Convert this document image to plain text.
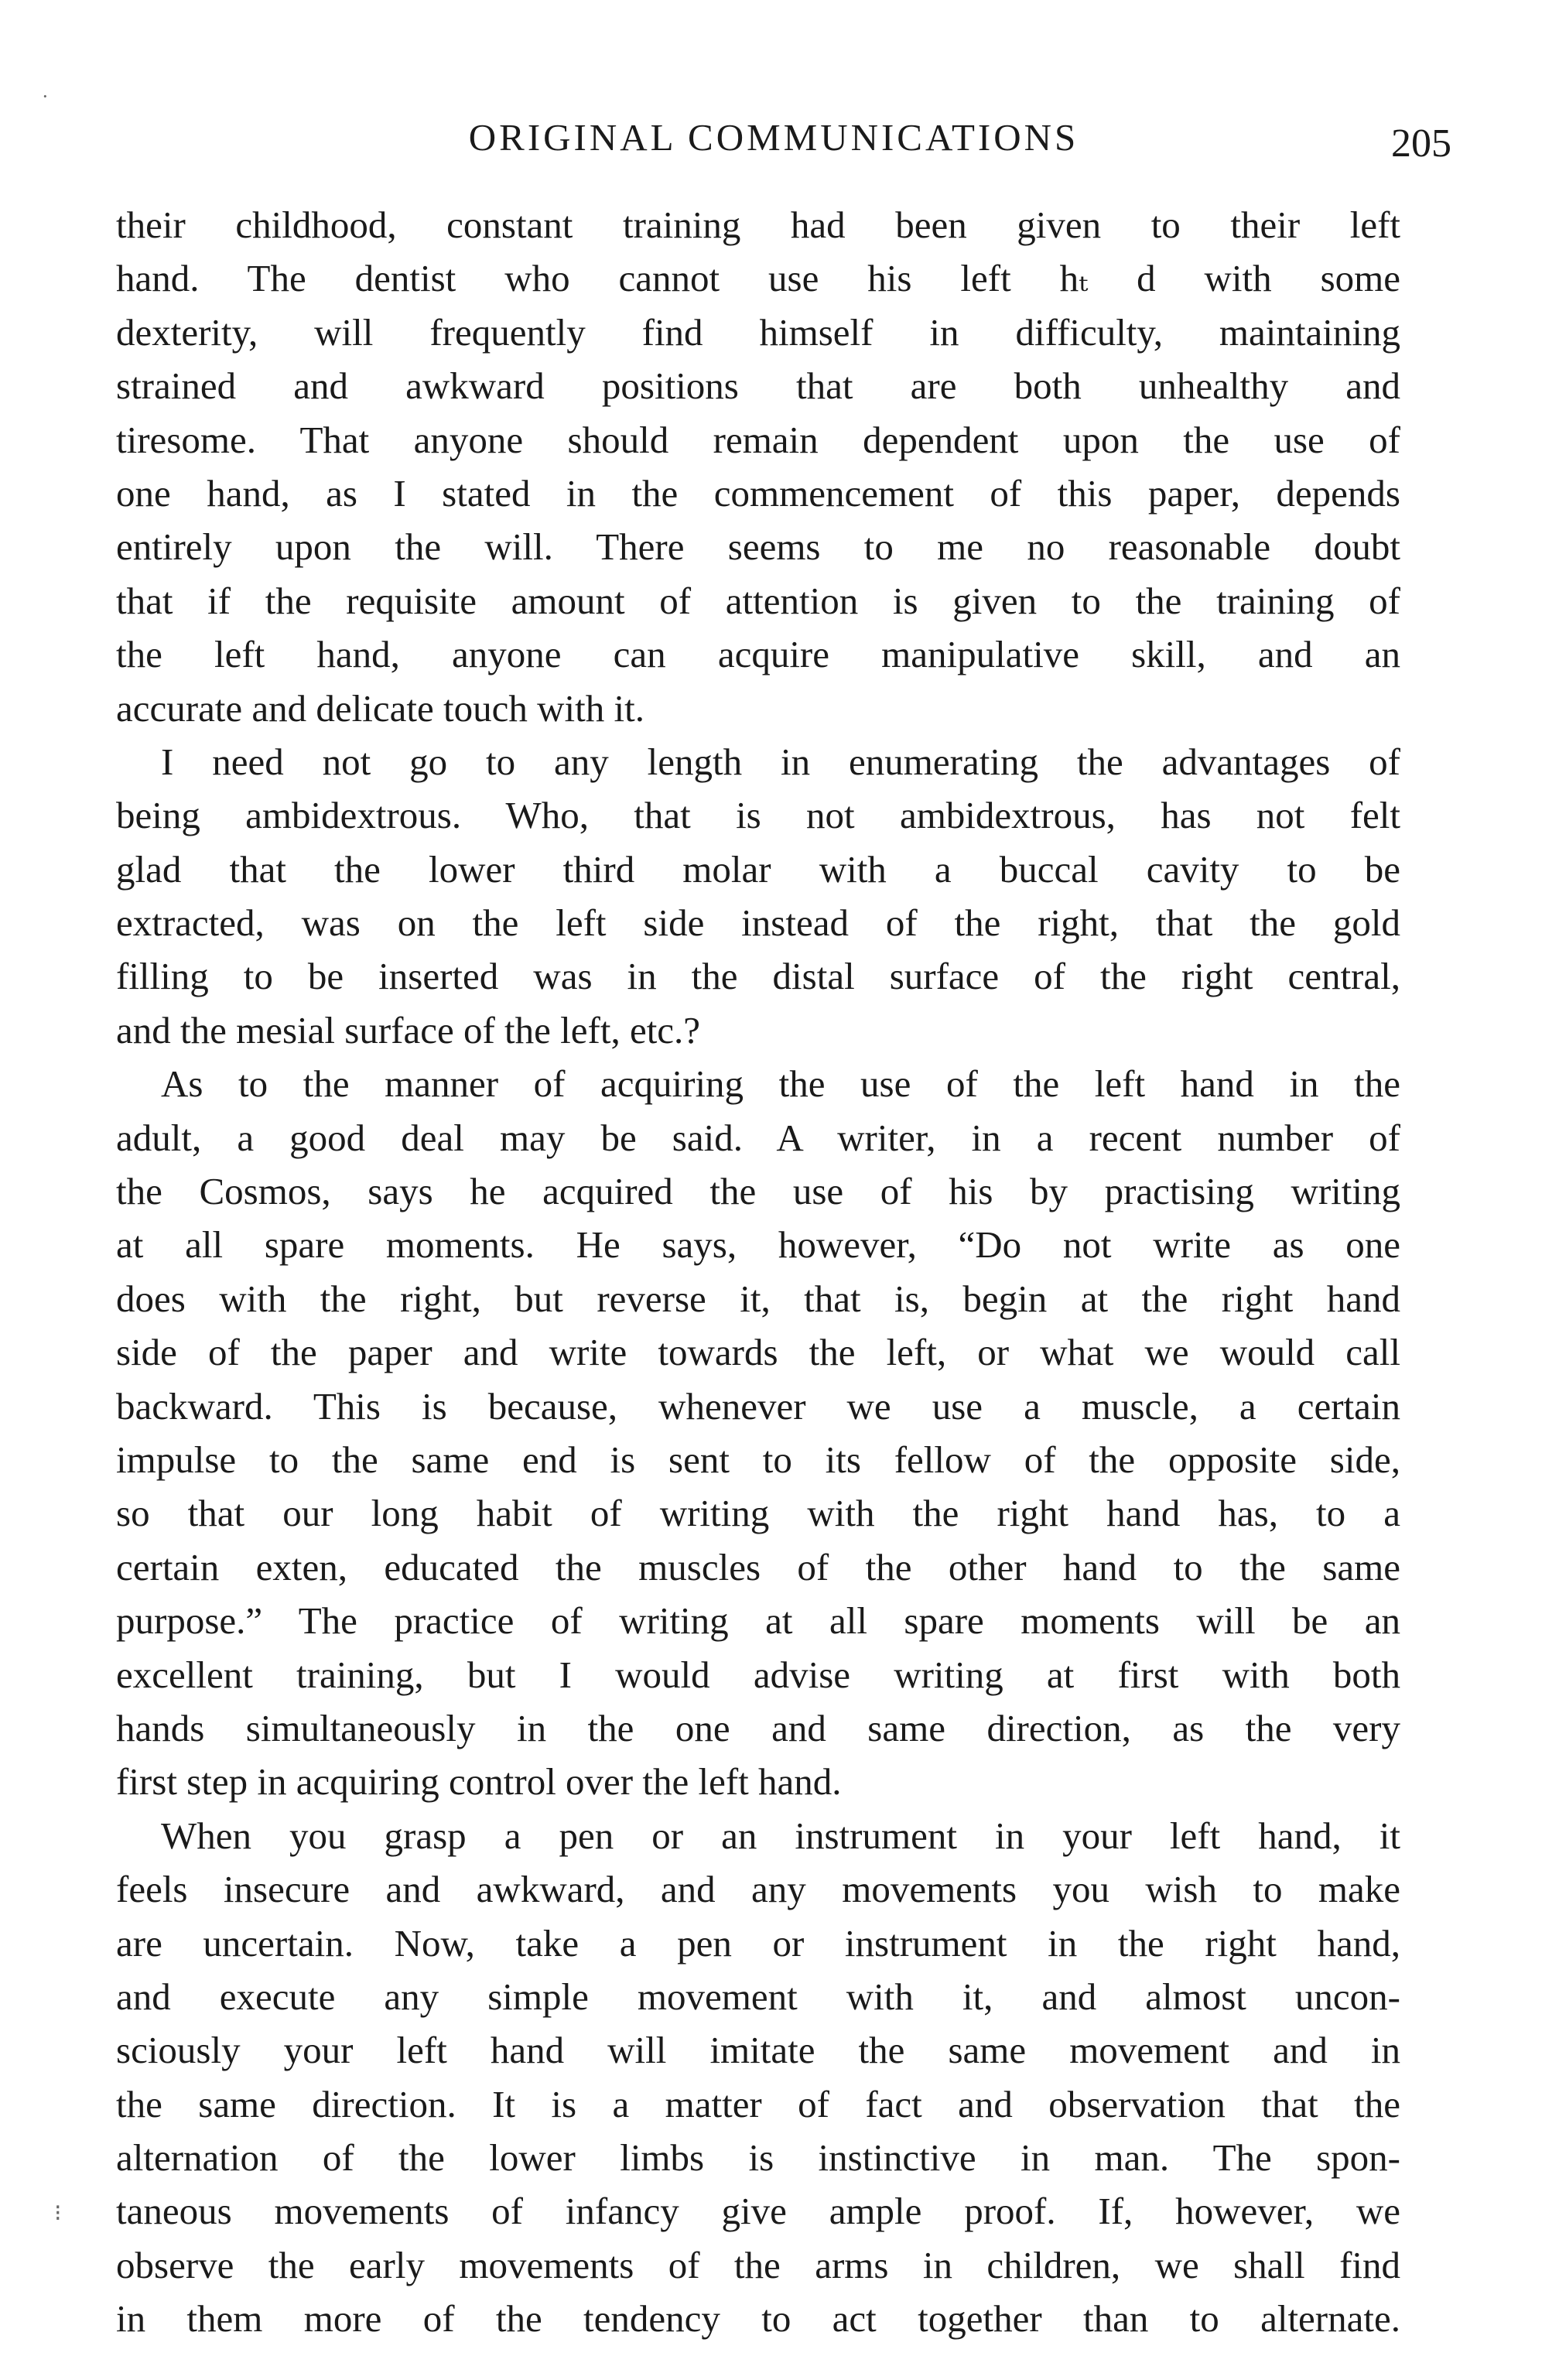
·
ORIGINAL COMMUNICATIONS	205
their childhood, constant training had been given to their left
hand. The dentist who cannot use his left hₜ d with some
dexterity, will frequently find himself in difficulty, maintaining
strained and awkward positions that are both unhealthy and
tiresome. That anyone should remain dependent upon the use of
one hand, as I stated in the commencement of this paper, depends
entirely upon the will. There seems to me no reasonable doubt
that if the requisite amount of attention is given to the training of
the left hand, anyone can acquire manipulative skill, and an
accurate and delicate touch with it.
I need not go to any length in enumerating the advantages of
being ambidextrous. Who, that is not ambidextrous, has not felt
glad that the lower third molar with a buccal cavity to be
extracted, was on the left side instead of the right, that the gold
filling to be inserted was in the distal surface of the right central,
and the mesial surface of the left, etc.?
As to the manner of acquiring the use of the left hand in the
adult, a good deal may be said. A writer, in a recent number of
the Cosmos, says he acquired the use of his by practising writing
at all spare moments. He says, however, “Do not write as one
does with the right, but reverse it, that is, begin at the right hand
side of the paper and write towards the left, or what we would call
backward. This is because, whenever we use a muscle, a certain
impulse to the same end is sent to its fellow of the opposite side,
so that our long habit of writing with the right hand has, to a
certain exten, educated the muscles of the other hand to the same
purpose.” The practice of writing at all spare moments will be an
excellent training, but I would advise writing at first with both
hands simultaneously in the one and same direction, as the very
first step in acquiring control over the left hand.
When you grasp a pen or an instrument in your left hand, it
feels insecure and awkward, and any movements you wish to make
are uncertain. Now, take a pen or instrument in the right hand,
and execute any simple movement with it, and almost uncon-
sciously your left hand will imitate the same movement and in
the same direction. It is a matter of fact and observation that the
alternation of the lower limbs is instinctive in man. The spon-
taneous movements of infancy give ample proof. If, however, we
observe the early movements of the arms in children, we shall find
in them more of the tendency to act together than to alternate.
⁝
